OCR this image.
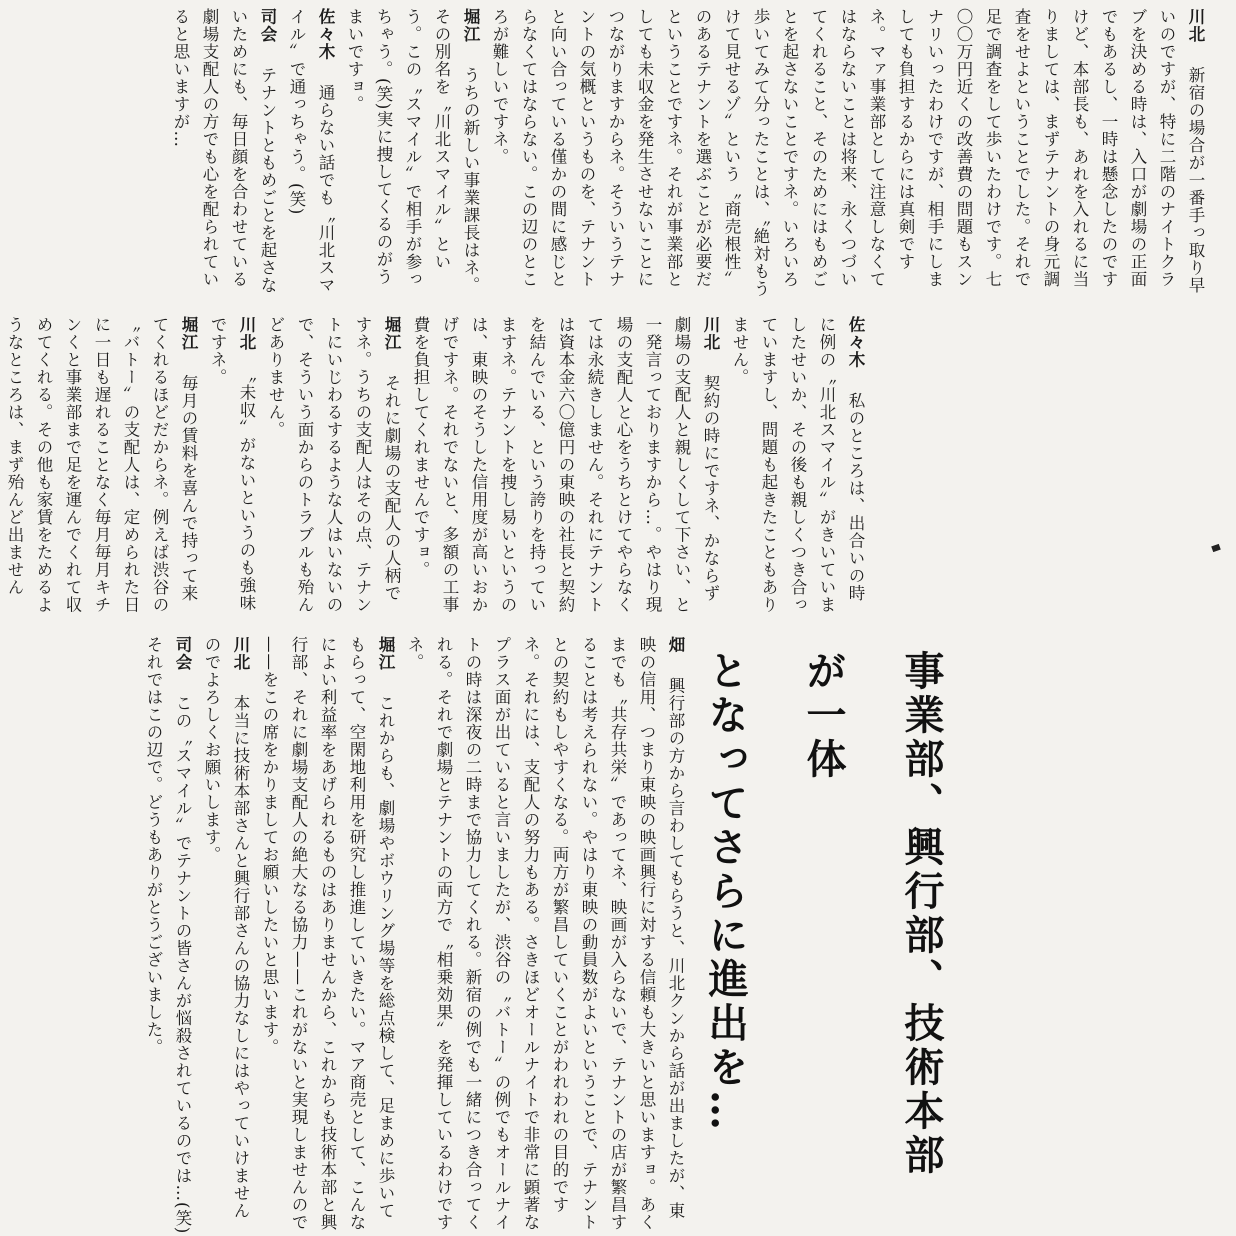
川北　新宿の場合が一番手っ取り早いのですが、特に二階のナイトクラブを決める時は、入口が劇場の正面でもあるし、一時は懸念したのですけど、本部長も、あれを入れるに当りましては、まずテナントの身元調査をせよということでした。それで足で調査をして歩いたわけです。七〇〇万円近くの改善費の問題もスンナリいったわけですが、相手にしましても負担するからには真剣ですネ。マァ事業部として注意しなくてはならないことは将来、永くつづいてくれること、そのためにはもめごとを起さないことですネ。いろいろ歩いてみて分ったことは、〝絶対もうけて見せるゾ〟という〝商売根性〟のあるテナントを選ぶことが必要だということですネ。それが事業部としても未収金を発生させないことにつながりますからネ。そういうテナントの気概というものを、テナントと向い合っている僅かの間に感じとらなくてはならない。この辺のところが難しいですネ。

堀江　うちの新しい事業課長はネ。その別名を〝川北スマイル〟という。この〝スマイル〟で相手が参っちゃう。(笑)実に捜してくるのがうまいですョ。

佐々木　通らない話でも〝川北スマイル〟で通っちゃう。(笑)

司会　テナントともめごとを起さないためにも、毎日顔を合わせている劇場支配人の方でも心を配られていると思いますが…

佐々木　私のところは、出合いの時に例の〝川北スマイル〟がきいていましたせいか、その後も親しくつき合っていますし、問題も起きたこともありません。

川北　契約の時にですネ、かならず劇場の支配人と親しくして下さい、と一発言っておりますから…。やはり現場の支配人と心をうちとけてやらなくては永続きしません。それにテナントは資本金六〇億円の東映の社長と契約を結んでいる、という誇りを持っていますネ。テナントを捜し易いというのは、東映のそうした信用度が高いおかげですネ。それでないと、多額の工事費を負担してくれませんですョ。

堀江　それに劇場の支配人の人柄ですネ。うちの支配人はその点、テナントにいじわるするような人はいないので、そういう面からのトラブルも殆んどありません。

川北　〝未収〟がないというのも強味ですネ。

堀江　毎月の賃料を喜んで持って来てくれるほどだからネ。例えば渋谷の〝バトー〟の支配人は、定められた日に一日も遅れることなく毎月毎月キチンくと事業部まで足を運んでくれて収めてくれる。その他も家賃をためるようなところは、まず殆んど出ません

畑　興行部の方から言わしてもらうと、川北クンから話が出ましたが、東映の信用、つまり東映の映画興行に対する信頼も大きいと思いますョ。あくまでも〝共存共栄〟であってネ、映画が入らないで、テナントの店が繁昌することは考えられない。やはり東映の動員数がよいということで、テナントとの契約もしやすくなる。両方が繁昌していくことがわれわれの目的ですネ。それには、支配人の努力もある。さきほどオールナイトで非常に顕著なプラス面が出ていると言いましたが、渋谷の〝バトー〟の例でもオールナイトの時は深夜の二時まで協力してくれる。新宿の例でも一緒につき合ってくれる。それで劇場とテナントの両方で〝相乗効果〟を発揮しているわけですネ。

堀江　これからも、劇場やボウリング場等を総点検して、足まめに歩いてもらって、空閑地利用を研究し推進していきたい。マア商売として、こんなによい利益率をあげられるものはありませんから、これからも技術本部と興行部、それに劇場支配人の絶大なる協力——これがないと実現しませんので——をこの席をかりましてお願いしたいと思います。

川北　本当に技術本部さんと興行部さんの協力なしにはやっていけませんのでよろしくお願いします。

司会　この〝スマイル〟でテナントの皆さんが悩殺されているのでは…(笑)それではこの辺で。どうもありがとうございました。	事業部、興行部、技術本部が一体
となってさらに進出を…
